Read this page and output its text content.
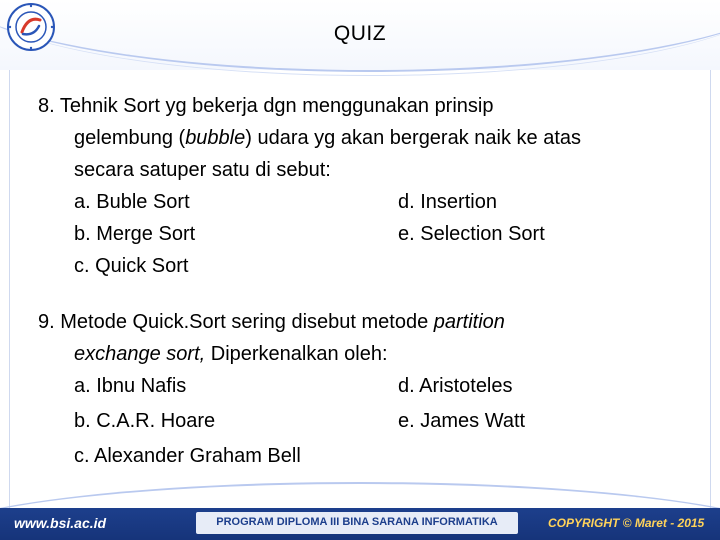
QUIZ
8. Tehnik Sort yg bekerja dgn menggunakan prinsip
gelembung (bubble) udara yg akan bergerak naik ke atas
secara satuper satu di sebut:
a. Buble Sort	d. Insertion
b. Merge Sort	e. Selection Sort
c. Quick Sort
9. Metode Quick.Sort sering disebut metode partition
exchange sort, Diperkenalkan oleh:
a. Ibnu Nafis	d. Aristoteles
b. C.A.R. Hoare	e. James Watt
c. Alexander Graham Bell
www.bsi.ac.id	PROGRAM DIPLOMA III BINA SARANA INFORMATIKA	COPYRIGHT © Maret - 2015
